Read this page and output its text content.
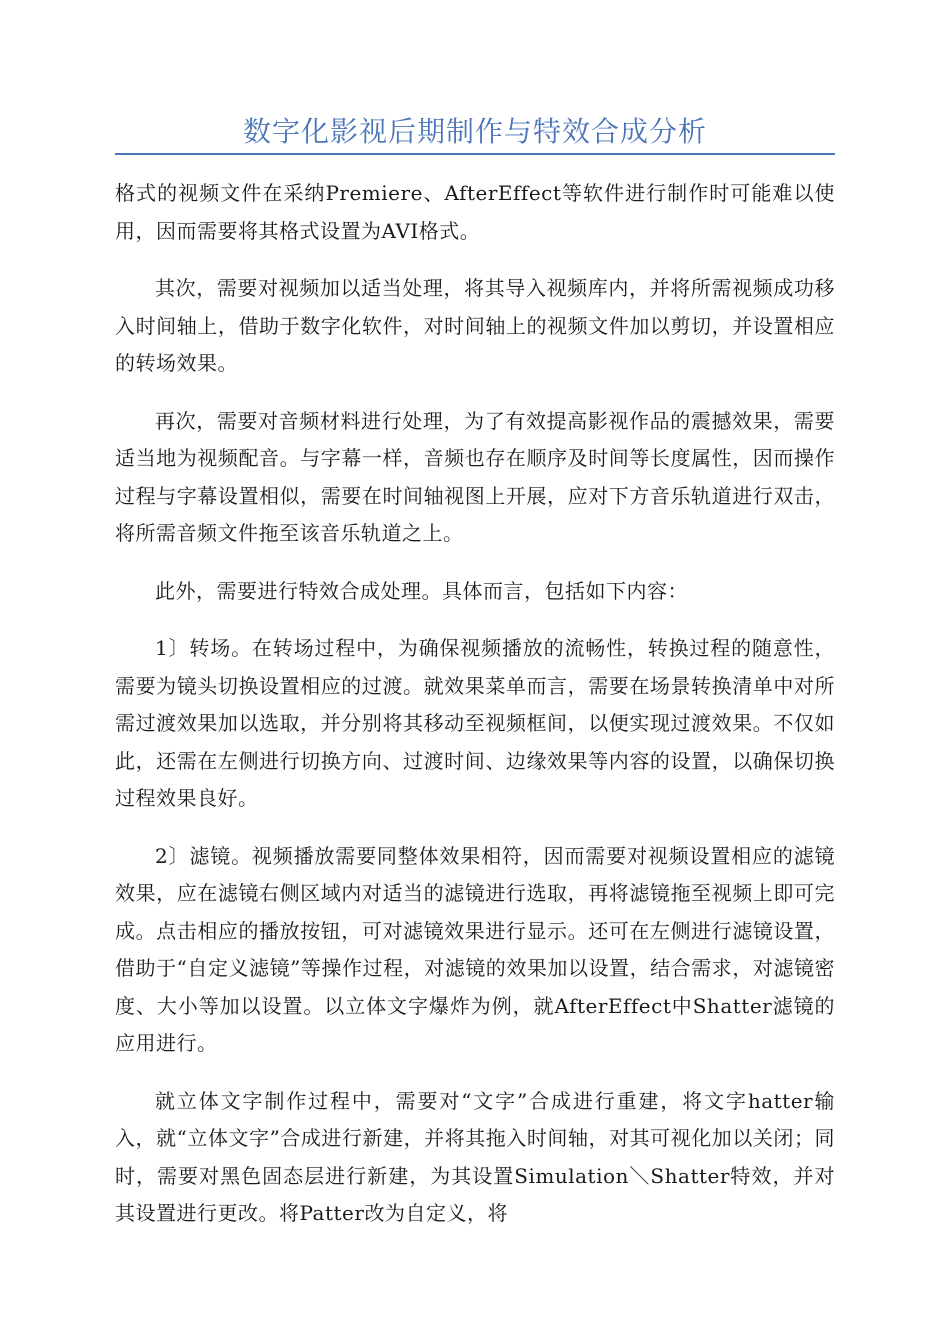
数字化影视后期制作与特效合成分析

格式的视频文件在采纳Premiere、AfterEffect等软件进行制作时可能难以使用，因而需要将其格式设置为AVI格式。

其次，需要对视频加以适当处理，将其导入视频库内，并将所需视频成功移入时间轴上，借助于数字化软件，对时间轴上的视频文件加以剪切，并设置相应的转场效果。

再次，需要对音频材料进行处理，为了有效提高影视作品的震撼效果，需要适当地为视频配音。与字幕一样，音频也存在顺序及时间等长度属性，因而操作过程与字幕设置相似，需要在时间轴视图上开展，应对下方音乐轨道进行双击，将所需音频文件拖至该音乐轨道之上。

此外，需要进行特效合成处理。具体而言，包括如下内容：

1〕转场。在转场过程中，为确保视频播放的流畅性，转换过程的随意性，需要为镜头切换设置相应的过渡。就效果菜单而言，需要在场景转换清单中对所需过渡效果加以选取，并分别将其移动至视频框间，以便实现过渡效果。不仅如此，还需在左侧进行切换方向、过渡时间、边缘效果等内容的设置，以确保切换过程效果良好。

2〕滤镜。视频播放需要同整体效果相符，因而需要对视频设置相应的滤镜效果，应在滤镜右侧区域内对适当的滤镜进行选取，再将滤镜拖至视频上即可完成。点击相应的播放按钮，可对滤镜效果进行显示。还可在左侧进行滤镜设置，借助于“自定义滤镜”等操作过程，对滤镜的效果加以设置，结合需求，对滤镜密度、大小等加以设置。以立体文字爆炸为例，就AfterEffect中Shatter滤镜的应用进行。

就立体文字制作过程中，需要对“文字”合成进行重建，将文字hatter输入，就“立体文字”合成进行新建，并将其拖入时间轴，对其可视化加以关闭；同时，需要对黑色固态层进行新建，为其设置Simulation＼Shatter特效，并对其设置进行更改。将Patter改为自定义，将
